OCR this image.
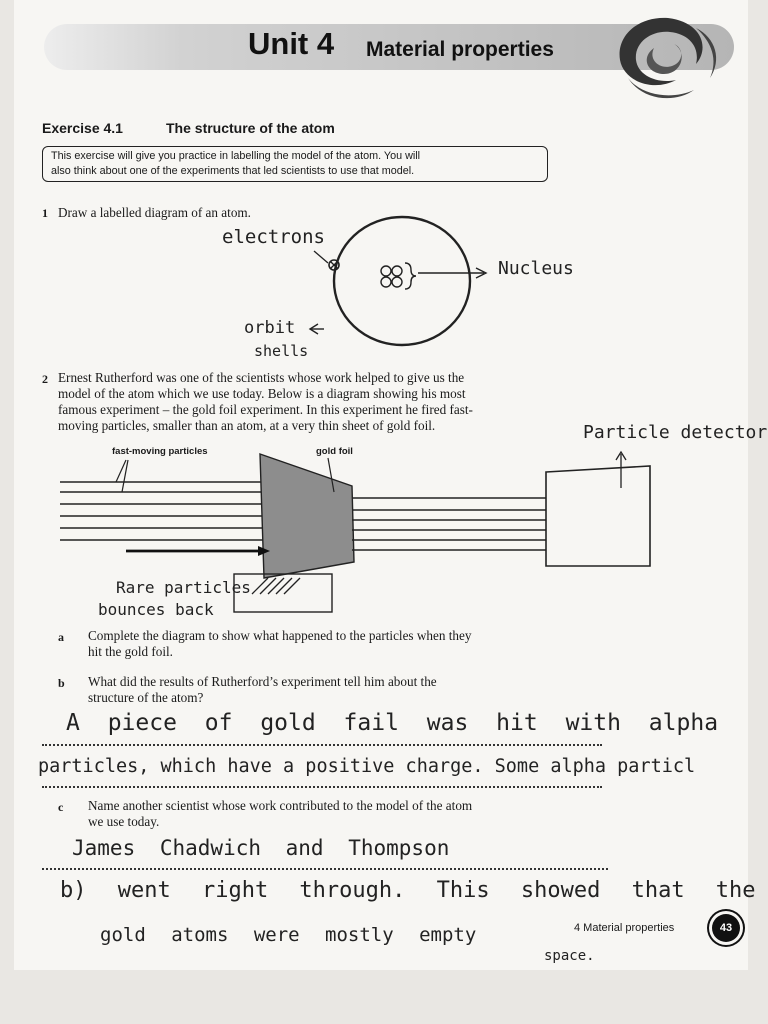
Unit 4 Material properties
Exercise 4.1	The structure of the atom
This exercise will give you practice in labelling the model of the atom. You will
also think about one of the experiments that led scientists to use that model.
1 Draw a labelled diagram of an atom.
electrons
Nucleus
orbit
shells
2 Ernest Rutherford was one of the scientists whose work helped to give us the
model of the atom which we use today. Below is a diagram showing his most
famous experiment – the gold foil experiment. In this experiment he fired fast-
moving particles, smaller than an atom, at a very thin sheet of gold foil.	Particle detector
fast-moving particles	gold foil
Rare particles
bounces back
a Complete the diagram to show what happened to the particles when they
hit the gold foil.
b What did the results of Rutherford’s experiment tell him about the
structure of the atom?
A piece of gold fail was hit with alpha
particles, which have a positive charge. Some alpha particl
c Name another scientist whose work contributed to the model of the atom
we use today.
James Chadwich and Thompson
b) went right through. This showed that the
gold atoms were mostly empty
space.
4 Material properties	43
